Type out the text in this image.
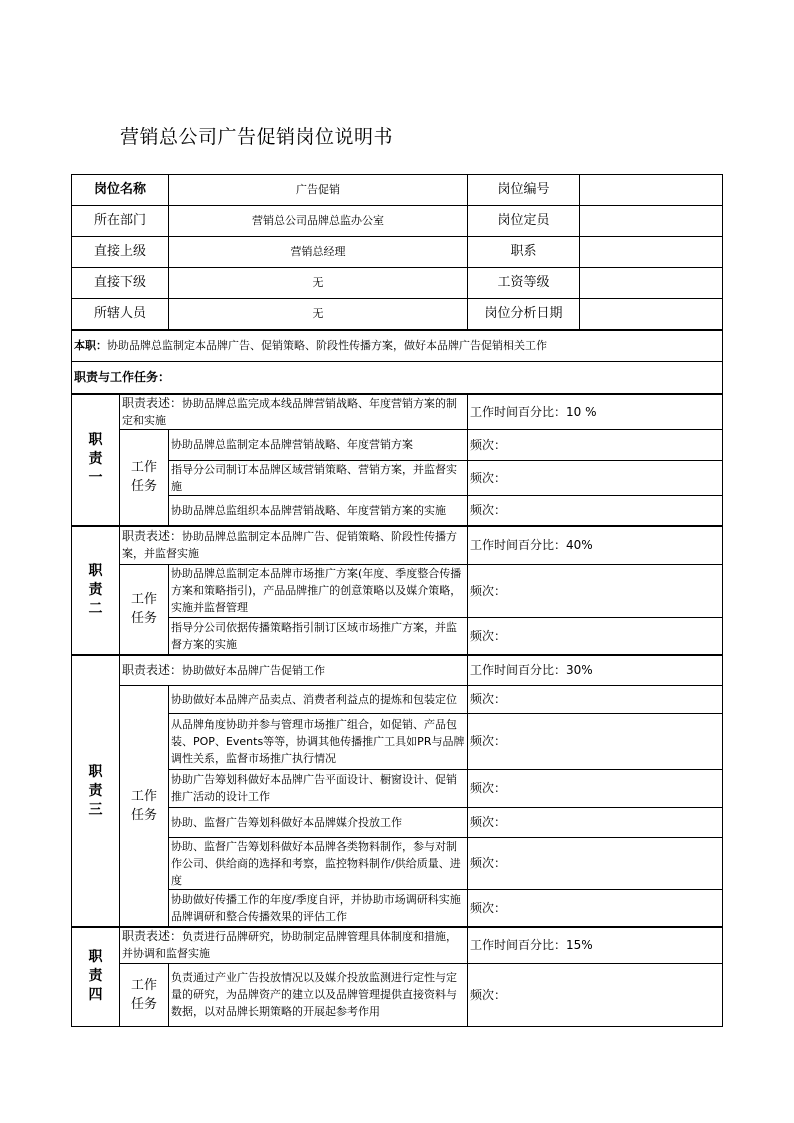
营销总公司广告促销岗位说明书
岗位名称		广告促销	岗位编号	
所在部门		营销总公司品牌总监办公室	岗位定员	
直接上级		营销总经理	职系	
直接下级		无	工资等级	
所辖人员		无	岗位分析日期	
本职：协助品牌总监制定本品牌广告、促销策略、阶段性传播方案，做好本品牌广告促销相关工作				
职责与工作任务：				
职
责
一	职责表述：协助品牌总监完成本线品牌营销战略、年度营销方案的制定和实施		工作时间百分比：10 %	
	工作
任务	协助品牌总监制定本品牌营销战略、年度营销方案	频次：	
		指导分公司制订本品牌区域营销策略、营销方案，并监督实施	频次：	
		协助品牌总监组织本品牌营销战略、年度营销方案的实施	频次：	
职
责
二	职责表述：协助品牌总监制定本品牌广告、促销策略、阶段性传播方案，并监督实施		工作时间百分比：40%	
	工作
任务	协助品牌总监制定本品牌市场推广方案(年度、季度整合传播方案和策略指引)，产品品牌推广的创意策略以及媒介策略，实施并监督管理	频次：	
		指导分公司依据传播策略指引制订区域市场推广方案，并监督方案的实施	频次：	
职
责
三	职责表述：协助做好本品牌广告促销工作		工作时间百分比：30%	
	工作
任务	协助做好本品牌产品卖点、消费者利益点的提炼和包装定位	频次：	
		从品牌角度协助并参与管理市场推广组合，如促销、产品包装、POP、Events等等，协调其他传播推广工具如PR与品牌调性关系，监督市场推广执行情况	频次：	
		协助广告筹划科做好本品牌广告平面设计、橱窗设计、促销推广活动的设计工作	频次：	
		协助、监督广告筹划科做好本品牌媒介投放工作	频次：	
		协助、监督广告筹划科做好本品牌各类物料制作，参与对制作公司、供给商的选择和考察，监控物料制作/供给质量、进度	频次：	
		协助做好传播工作的年度/季度自评，并协助市场调研科实施品牌调研和整合传播效果的评估工作	频次：	
职
责
四	职责表述：负责进行品牌研究，协助制定品牌管理具体制度和措施，并协调和监督实施		工作时间百分比：15%	
	工作
任务	负责通过产业广告投放情况以及媒介投放监测进行定性与定量的研究，为品牌资产的建立以及品牌管理提供直接资料与数据，以对品牌长期策略的开展起参考作用	频次：	
